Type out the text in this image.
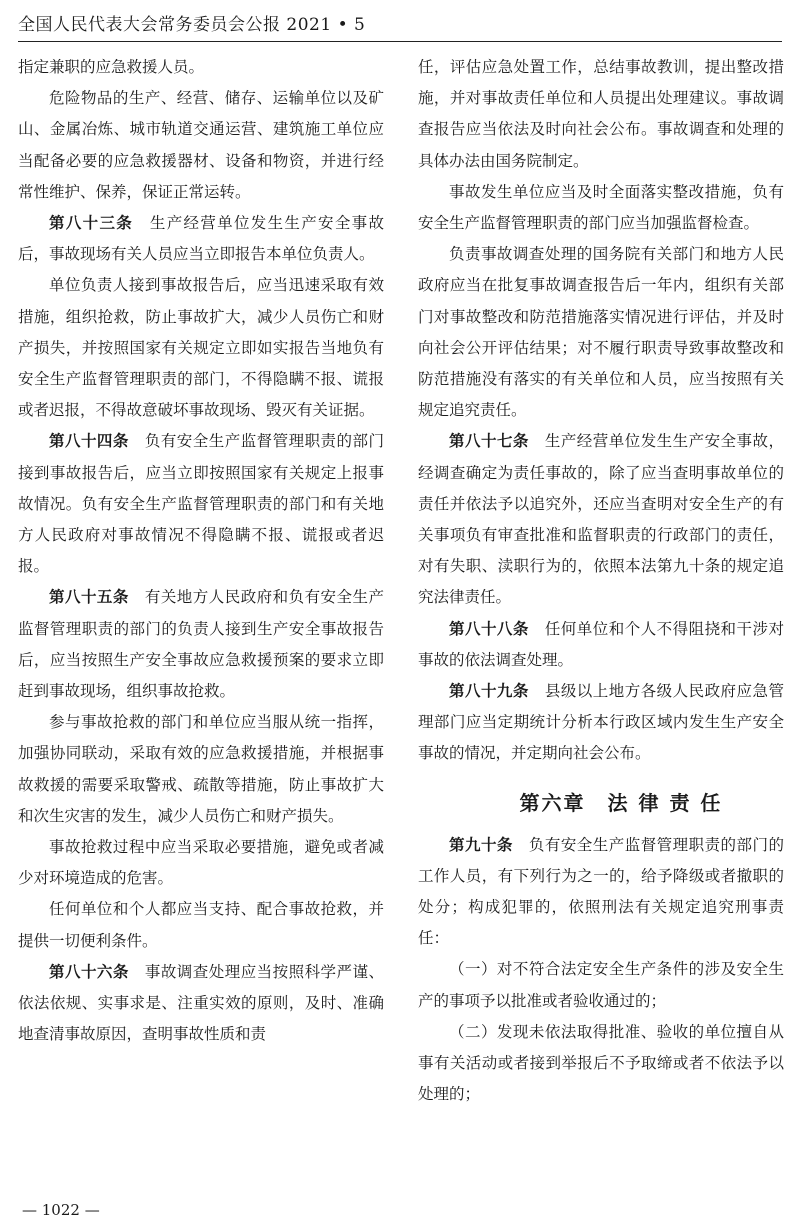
全国人民代表大会常务委员会公报 2021 • 5

指定兼职的应急救援人员。

危险物品的生产、经营、储存、运输单位以及矿山、金属冶炼、城市轨道交通运营、建筑施工单位应当配备必要的应急救援器材、设备和物资，并进行经常性维护、保养，保证正常运转。

第八十三条  生产经营单位发生生产安全事故后，事故现场有关人员应当立即报告本单位负责人。

单位负责人接到事故报告后，应当迅速采取有效措施，组织抢救，防止事故扩大，减少人员伤亡和财产损失，并按照国家有关规定立即如实报告当地负有安全生产监督管理职责的部门，不得隐瞒不报、谎报或者迟报，不得故意破坏事故现场、毁灭有关证据。

第八十四条  负有安全生产监督管理职责的部门接到事故报告后，应当立即按照国家有关规定上报事故情况。负有安全生产监督管理职责的部门和有关地方人民政府对事故情况不得隐瞒不报、谎报或者迟报。

第八十五条  有关地方人民政府和负有安全生产监督管理职责的部门的负责人接到生产安全事故报告后，应当按照生产安全事故应急救援预案的要求立即赶到事故现场，组织事故抢救。

参与事故抢救的部门和单位应当服从统一指挥，加强协同联动，采取有效的应急救援措施，并根据事故救援的需要采取警戒、疏散等措施，防止事故扩大和次生灾害的发生，减少人员伤亡和财产损失。

事故抢救过程中应当采取必要措施，避免或者减少对环境造成的危害。

任何单位和个人都应当支持、配合事故抢救，并提供一切便利条件。

第八十六条  事故调查处理应当按照科学严谨、依法依规、实事求是、注重实效的原则，及时、准确地查清事故原因，查明事故性质和责

任，评估应急处置工作，总结事故教训，提出整改措施，并对事故责任单位和人员提出处理建议。事故调查报告应当依法及时向社会公布。事故调查和处理的具体办法由国务院制定。

事故发生单位应当及时全面落实整改措施，负有安全生产监督管理职责的部门应当加强监督检查。

负责事故调查处理的国务院有关部门和地方人民政府应当在批复事故调查报告后一年内，组织有关部门对事故整改和防范措施落实情况进行评估，并及时向社会公开评估结果；对不履行职责导致事故整改和防范措施没有落实的有关单位和人员，应当按照有关规定追究责任。

第八十七条  生产经营单位发生生产安全事故，经调查确定为责任事故的，除了应当查明事故单位的责任并依法予以追究外，还应当查明对安全生产的有关事项负有审查批准和监督职责的行政部门的责任，对有失职、渎职行为的，依照本法第九十条的规定追究法律责任。

第八十八条  任何单位和个人不得阻挠和干涉对事故的依法调查处理。

第八十九条  县级以上地方各级人民政府应急管理部门应当定期统计分析本行政区域内发生生产安全事故的情况，并定期向社会公布。

第六章 法 律 责 任

第九十条  负有安全生产监督管理职责的部门的工作人员，有下列行为之一的，给予降级或者撤职的处分；构成犯罪的，依照刑法有关规定追究刑事责任：

（一）对不符合法定安全生产条件的涉及安全生产的事项予以批准或者验收通过的；

（二）发现未依法取得批准、验收的单位擅自从事有关活动或者接到举报后不予取缔或者不依法予以处理的；

— 1022 —
